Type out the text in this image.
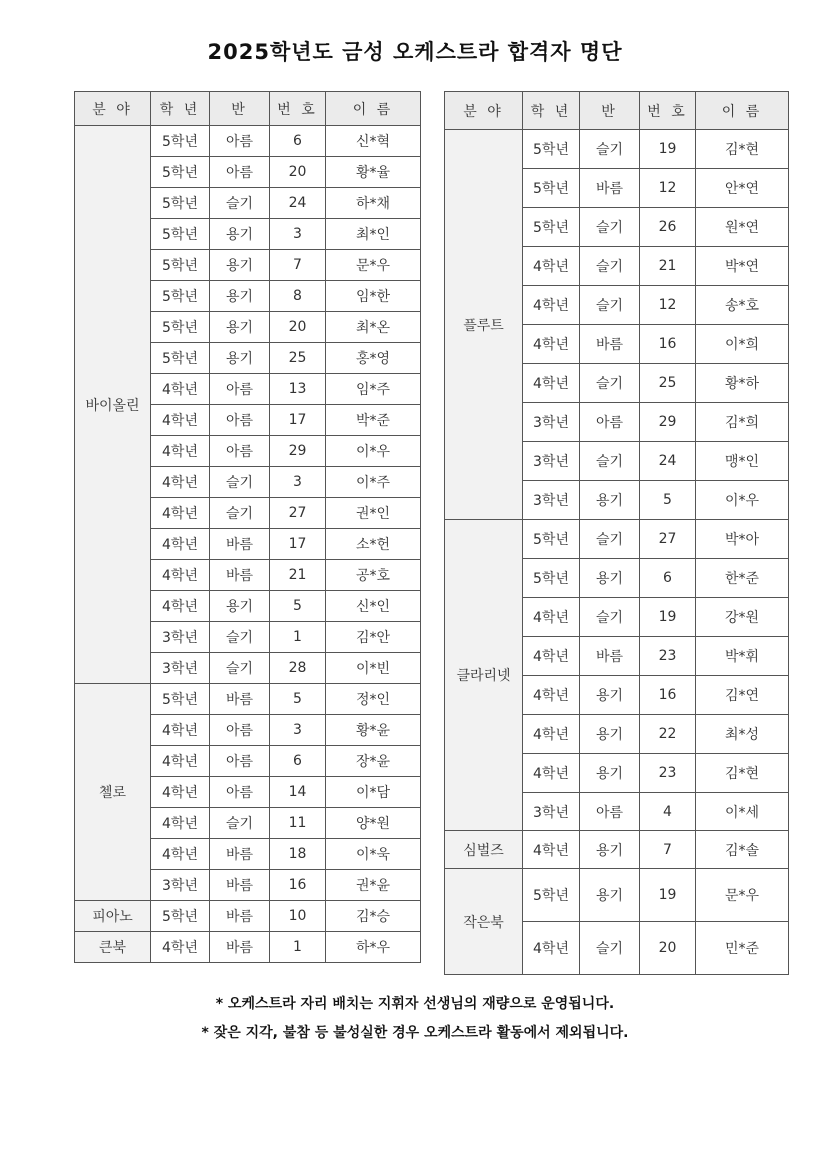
2025학년도 금성 오케스트라 합격자 명단
분 야	학 년	반	번 호	이 름
바이올린	5학년	아름	6	신*혁
	5학년	아름	20	황*율
	5학년	슬기	24	하*채
	5학년	용기	3	최*인
	5학년	용기	7	문*우
	5학년	용기	8	임*한
	5학년	용기	20	최*온
	5학년	용기	25	홍*영
	4학년	아름	13	임*주
	4학년	아름	17	박*준
	4학년	아름	29	이*우
	4학년	슬기	3	이*주
	4학년	슬기	27	권*인
	4학년	바름	17	소*헌
	4학년	바름	21	공*호
	4학년	용기	5	신*인
	3학년	슬기	1	김*안
	3학년	슬기	28	이*빈
첼로	5학년	바름	5	정*인
	4학년	아름	3	황*윤
	4학년	아름	6	장*윤
	4학년	아름	14	이*담
	4학년	슬기	11	양*원
	4학년	바름	18	이*욱
	3학년	바름	16	권*윤
피아노	5학년	바름	10	김*승
큰북	4학년	바름	1	하*우
분 야	학 년	반	번 호	이 름
플루트	5학년	슬기	19	김*현
	5학년	바름	12	안*연
	5학년	슬기	26	원*연
	4학년	슬기	21	박*연
	4학년	슬기	12	송*호
	4학년	바름	16	이*희
	4학년	슬기	25	황*하
	3학년	아름	29	김*희
	3학년	슬기	24	맹*인
	3학년	용기	5	이*우
클라리넷	5학년	슬기	27	박*아
	5학년	용기	6	한*준
	4학년	슬기	19	강*원
	4학년	바름	23	박*휘
	4학년	용기	16	김*연
	4학년	용기	22	최*성
	4학년	용기	23	김*현
	3학년	아름	4	이*세
심벌즈	4학년	용기	7	김*솔
작은북	5학년	용기	19	문*우
	4학년	슬기	20	민*준
* 오케스트라 자리 배치는 지휘자 선생님의 재량으로 운영됩니다.
* 잦은 지각, 불참 등 불성실한 경우 오케스트라 활동에서 제외됩니다.
